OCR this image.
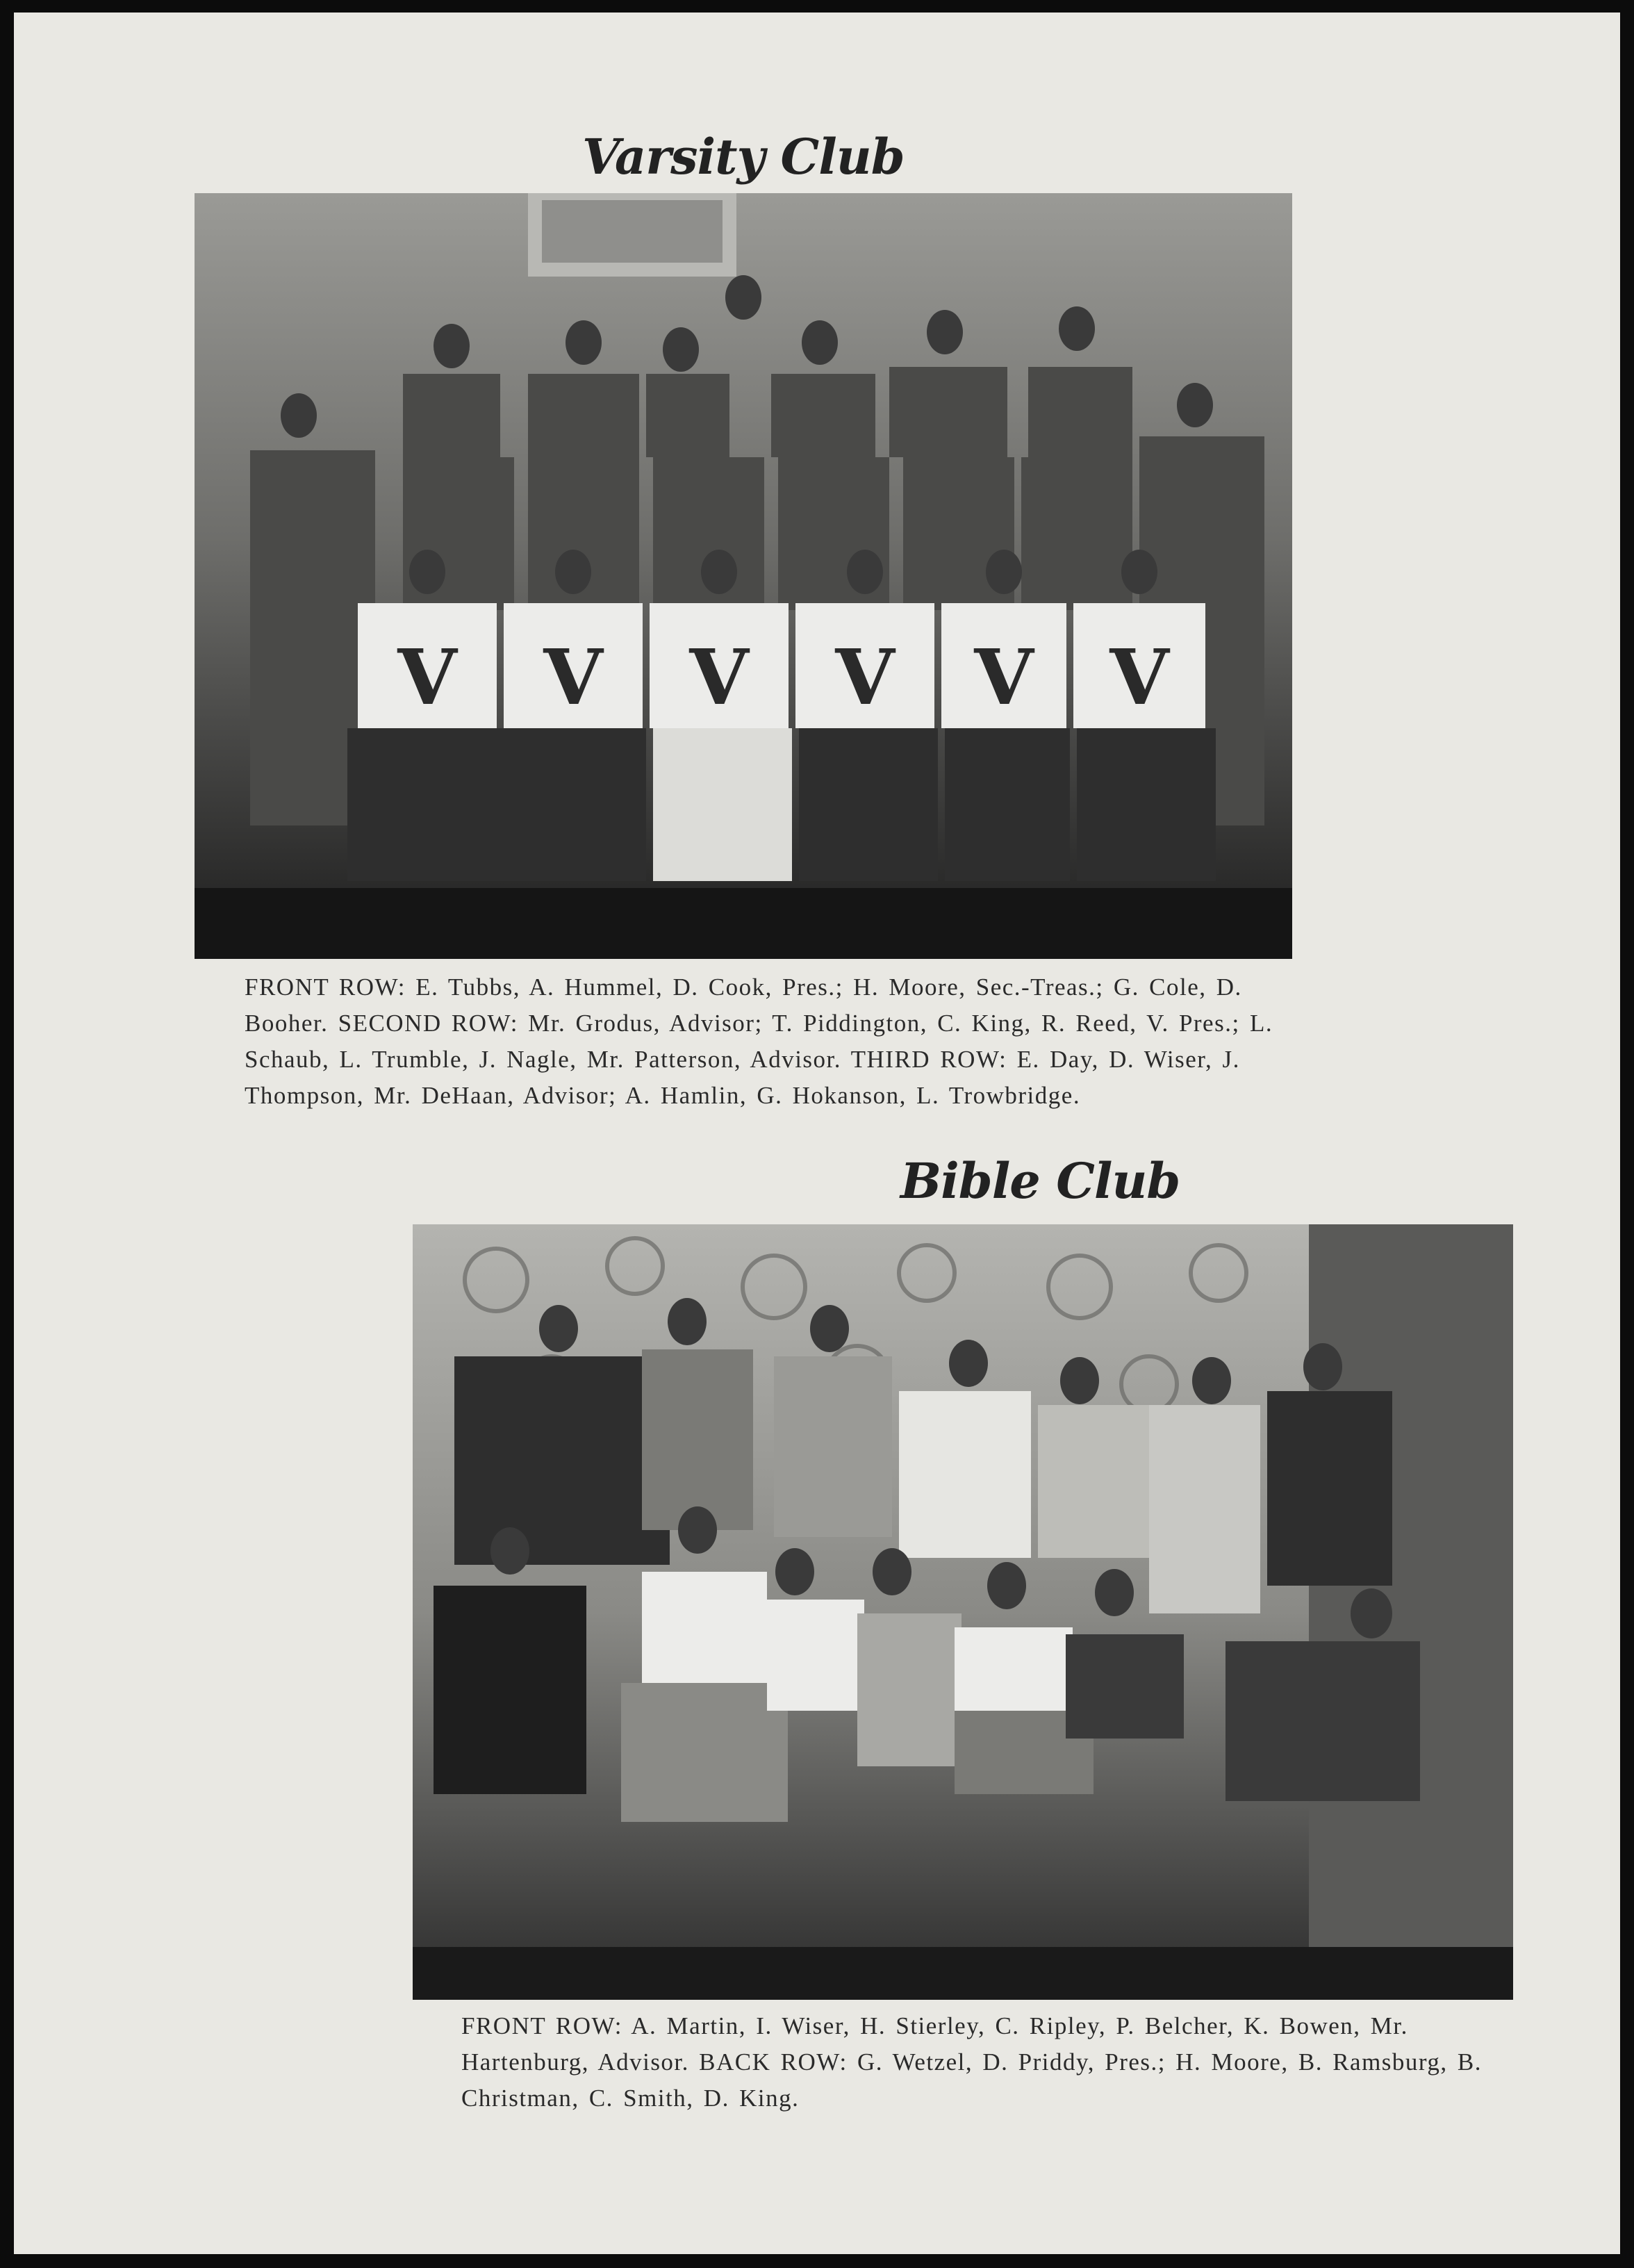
Varsity Club
V V V V V V
FRONT ROW: E. Tubbs, A. Hummel, D. Cook, Pres.; H. Moore, Sec.-Treas.; G. Cole, D. Booher. SECOND ROW: Mr. Grodus, Advisor; T. Piddington, C. King, R. Reed, V. Pres.; L. Schaub, L. Trumble, J. Nagle, Mr. Patterson, Advisor. THIRD ROW: E. Day, D. Wiser, J. Thompson, Mr. DeHaan, Advisor; A. Hamlin, G. Hokanson, L. Trowbridge.
Bible Club
FRONT ROW: A. Martin, I. Wiser, H. Stierley, C. Ripley, P. Belcher, K. Bowen, Mr. Hartenburg, Advisor. BACK ROW: G. Wetzel, D. Priddy, Pres.; H. Moore, B. Ramsburg, B. Christman, C. Smith, D. King.
